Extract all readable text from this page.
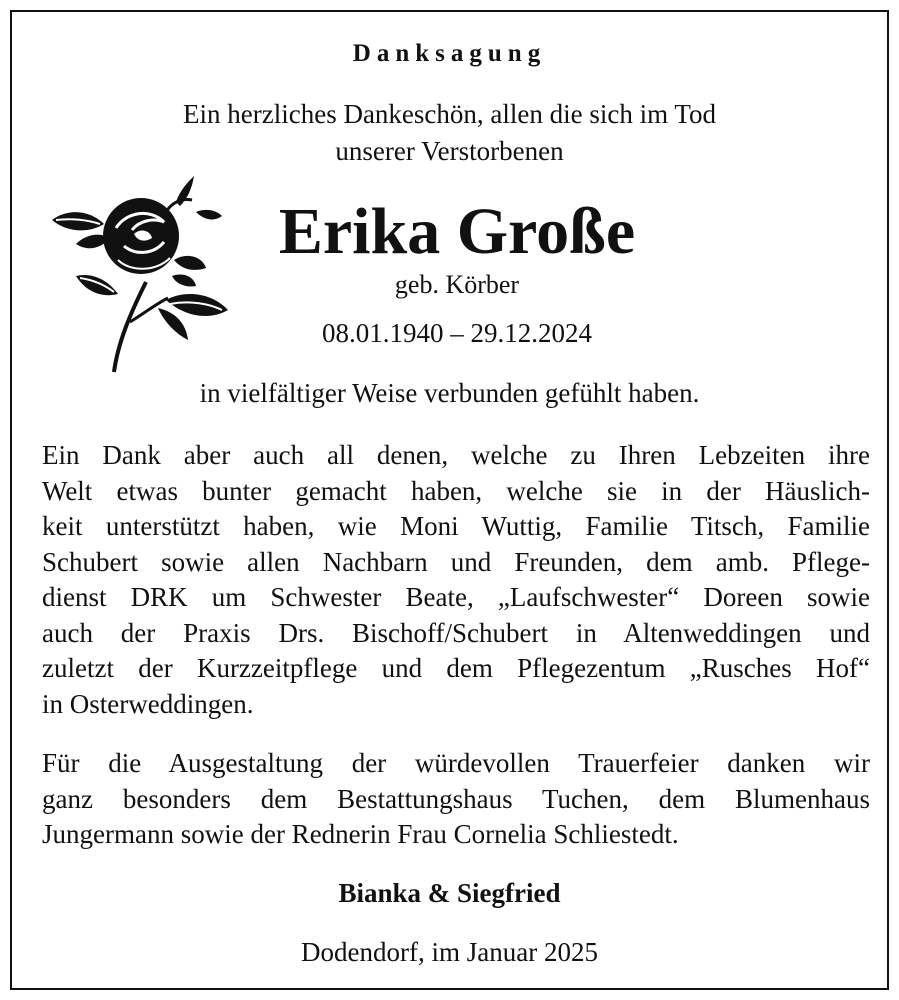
Danksagung
Ein herzliches Dankeschön, allen die sich im Tod
unserer Verstorbenen
Erika Große
geb. Körber
08.01.1940 – 29.12.2024
in vielfältiger Weise verbunden gefühlt haben.
Ein Dank aber auch all denen, welche zu Ihren Lebzeiten ihre
Welt etwas bunter gemacht haben, welche sie in der Häuslich-
keit unterstützt haben, wie Moni Wuttig, Familie Titsch, Familie
Schubert sowie allen Nachbarn und Freunden, dem amb. Pflege-
dienst DRK um Schwester Beate, „Laufschwester“ Doreen sowie
auch der Praxis Drs. Bischoff/Schubert in Altenweddingen und
zuletzt der Kurzzeitpflege und dem Pflegezentum „Rusches Hof“
in Osterweddingen.
Für die Ausgestaltung der würdevollen Trauerfeier danken wir
ganz besonders dem Bestattungshaus Tuchen, dem Blumenhaus
Jungermann sowie der Rednerin Frau Cornelia Schliestedt.
Bianka & Siegfried
Dodendorf, im Januar 2025
